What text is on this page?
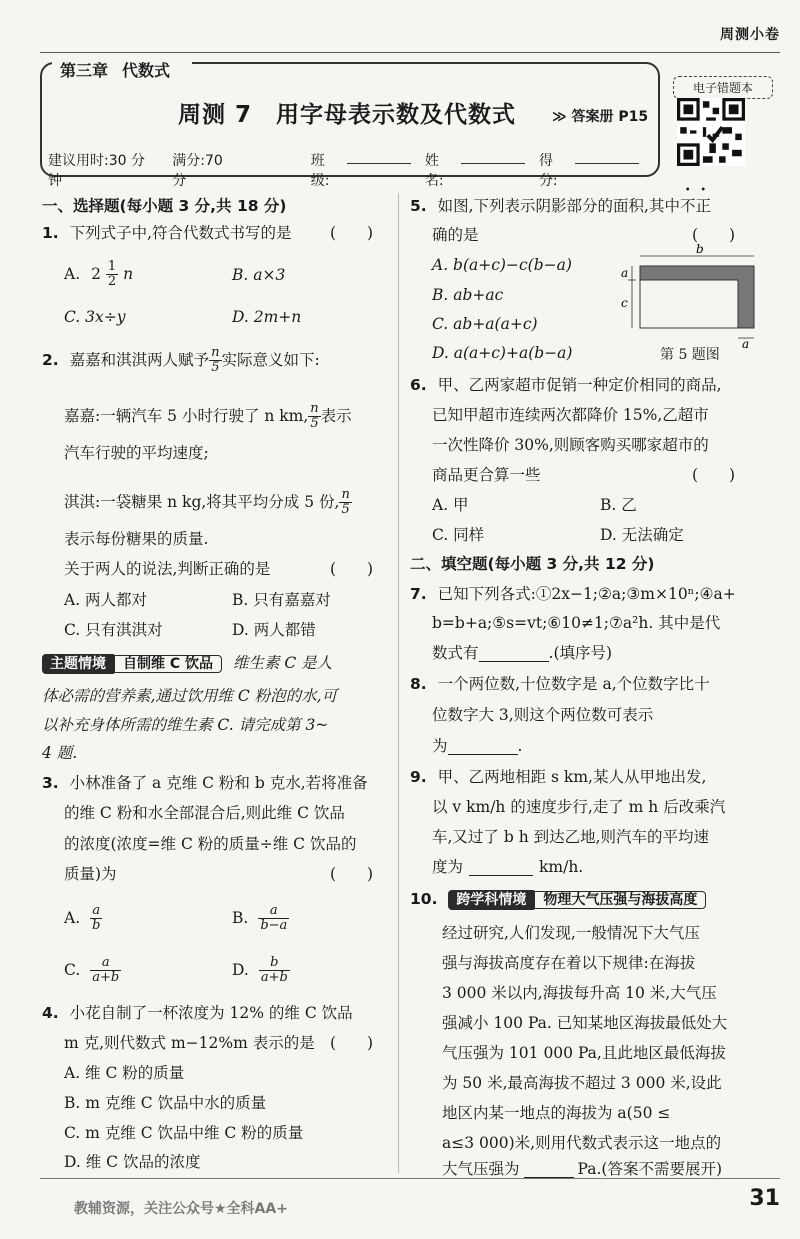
周测小卷
第三章 代数式
周测 7　用字母表示数及代数式	≫ 答案册 P15
建议用时:30 分钟
满分:70 分
班级:
姓名:
得分:
电子错题本
一、选择题(每小题 3 分,共 18 分)
1. 下列式子中,符合代数式书写的是 (　　)
A. $2 \frac{1}{2}$ n	B. a×3
C. 3x÷y	D. 2m+n
2. 嘉嘉和淇淇两人赋予 $\frac{n}{5}$ 实际意义如下:
嘉嘉:一辆汽车 5 小时行驶了 n km, $\frac{n}{5}$ 表示
汽车行驶的平均速度;
淇淇:一袋糖果 n kg,将其平均分成 5 份, $\frac{n}{5}$
表示每份糖果的质量.
关于两人的说法,判断正确的是	(　　)
A. 两人都对	B. 只有嘉嘉对
C. 只有淇淇对	D. 两人都错
主题情境	自制维 C 饮品	维生素 C 是人
体必需的营养素,通过饮用维 C 粉泡的水,可
以补充身体所需的维生素 C. 请完成第 3~
4 题.
3. 小林准备了 a 克维 C 粉和 b 克水,若将准备
的维 C 粉和水全部混合后,则此维 C 饮品
的浓度(浓度=维 C 粉的质量÷维 C 饮品的
质量)为	(　　)
A. $\frac{a}{b}$	B. $\frac{a}{b-a}$
C. $\frac{a}{a+b}$	D. $\frac{b}{a+b}$
4. 小花自制了一杯浓度为 12% 的维 C 饮品
m 克,则代数式 m−12%m 表示的是 (　　)
A. 维 C 粉的质量
B. m 克维 C 饮品中水的质量
C. m 克维 C 饮品中维 C 粉的质量
D. 维 C 饮品的浓度
5. 如图,下列表示阴影部分的面积,其中不正
确的是	(　　)
A. b(a+c)−c(b−a)
B. ab+ac
C. ab+a(a+c)
D. a(a+c)+a(b−a)
b
a
c
a
第 5 题图
6. 甲、乙两家超市促销一种定价相同的商品,
已知甲超市连续两次都降价 15%,乙超市
一次性降价 30%,则顾客购买哪家超市的
商品更合算一些	(　　)
A. 甲	B. 乙
C. 同样	D. 无法确定
二、填空题(每小题 3 分,共 12 分)
7. 已知下列各式:①2x−1;②a;③m×10ⁿ;④a+
b=b+a;⑤s=vt;⑥10≠1;⑦a²h. 其中是代
数式有	.(填序号)
8. 一个两位数,十位数字是 a,个位数字比十
位数字大 3,则这个两位数可表示
为	.
9. 甲、乙两地相距 s km,某人从甲地出发,
以 v km/h 的速度步行,走了 m h 后改乘汽
车,又过了 b h 到达乙地,则汽车的平均速
度为	km/h.
10.	跨学科情境	物理大气压强与海拔高度
经过研究,人们发现,一般情况下大气压
强与海拔高度存在着以下规律:在海拔
3 000 米以内,海拔每升高 10 米,大气压
强减小 100 Pa. 已知某地区海拔最低处大
气压强为 101 000 Pa,且此地区最低海拔
为 50 米,最高海拔不超过 3 000 米,设此
地区内某一地点的海拔为 a(50 ≤
a≤3 000)米,则用代数式表示这一地点的
大气压强为	Pa.(答案不需要展开)
教辅资源，关注公众号★全科AA+	31
